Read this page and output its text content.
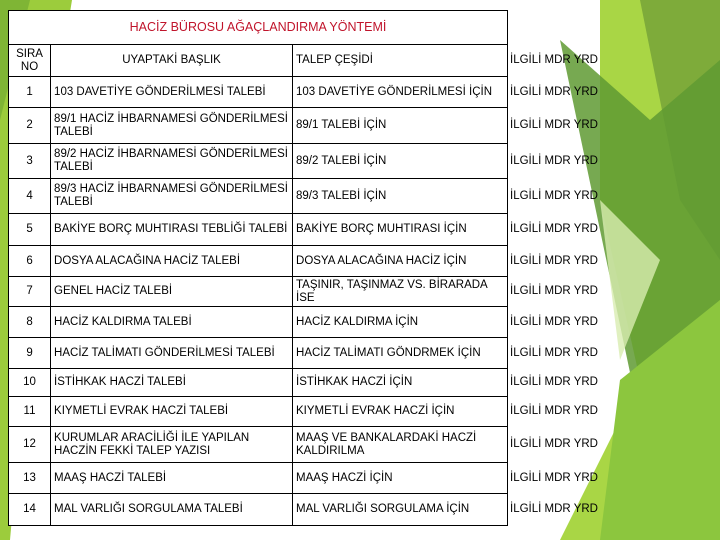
HACİZ BÜROSU AĞAÇLANDIRMA YÖNTEMİ			
SIRA NO	UYAPTAKİ BAŞLIK	TALEP ÇEŞİDİ	İLGİLİ MDR YRD
1	103 DAVETİYE GÖNDERİLMESİ TALEBİ	103 DAVETİYE GÖNDERİLMESİ İÇİN	İLGİLİ MDR YRD
2	89/1 HACİZ İHBARNAMESİ GÖNDERİLMESİ TALEBİ	89/1 TALEBİ İÇİN	İLGİLİ MDR YRD
3	89/2 HACİZ İHBARNAMESİ GÖNDERİLMESİ TALEBİ	89/2 TALEBİ İÇİN	İLGİLİ MDR YRD
4	89/3 HACİZ İHBARNAMESİ GÖNDERİLMESİ TALEBİ	89/3 TALEBİ İÇİN	İLGİLİ MDR YRD
5	BAKİYE BORÇ MUHTIRASI TEBLİĞİ TALEBİ	BAKİYE BORÇ MUHTIRASI İÇİN	İLGİLİ MDR YRD
6	DOSYA ALACAĞINA HACİZ TALEBİ	DOSYA ALACAĞINA HACİZ İÇİN	İLGİLİ MDR YRD
7	GENEL HACİZ TALEBİ	TAŞINIR, TAŞINMAZ VS. BİRARADA İSE	İLGİLİ MDR YRD
8	HACİZ KALDIRMA TALEBİ	HACİZ KALDIRMA İÇİN	İLGİLİ MDR YRD
9	HACİZ TALİMATI GÖNDERİLMESİ TALEBİ	HACİZ TALİMATI GÖNDRMEK İÇİN	İLGİLİ MDR YRD
10	İSTİHKAK HACZİ TALEBİ	İSTİHKAK HACZİ İÇİN	İLGİLİ MDR YRD
11	KIYMETLİ EVRAK HACZİ TALEBİ	KIYMETLİ EVRAK HACZİ İÇİN	İLGİLİ MDR YRD
12	KURUMLAR ARACİLİĞİ İLE YAPILAN HACZİN FEKKİ TALEP YAZISI	MAAŞ VE BANKALARDAKİ HACZİ KALDIRILMA	İLGİLİ MDR YRD
13	MAAŞ HACZİ TALEBİ	MAAŞ HACZİ İÇİN	İLGİLİ MDR YRD
14	MAL VARLIĞI SORGULAMA TALEBİ	MAL VARLIĞI SORGULAMA İÇİN	İLGİLİ MDR YRD
